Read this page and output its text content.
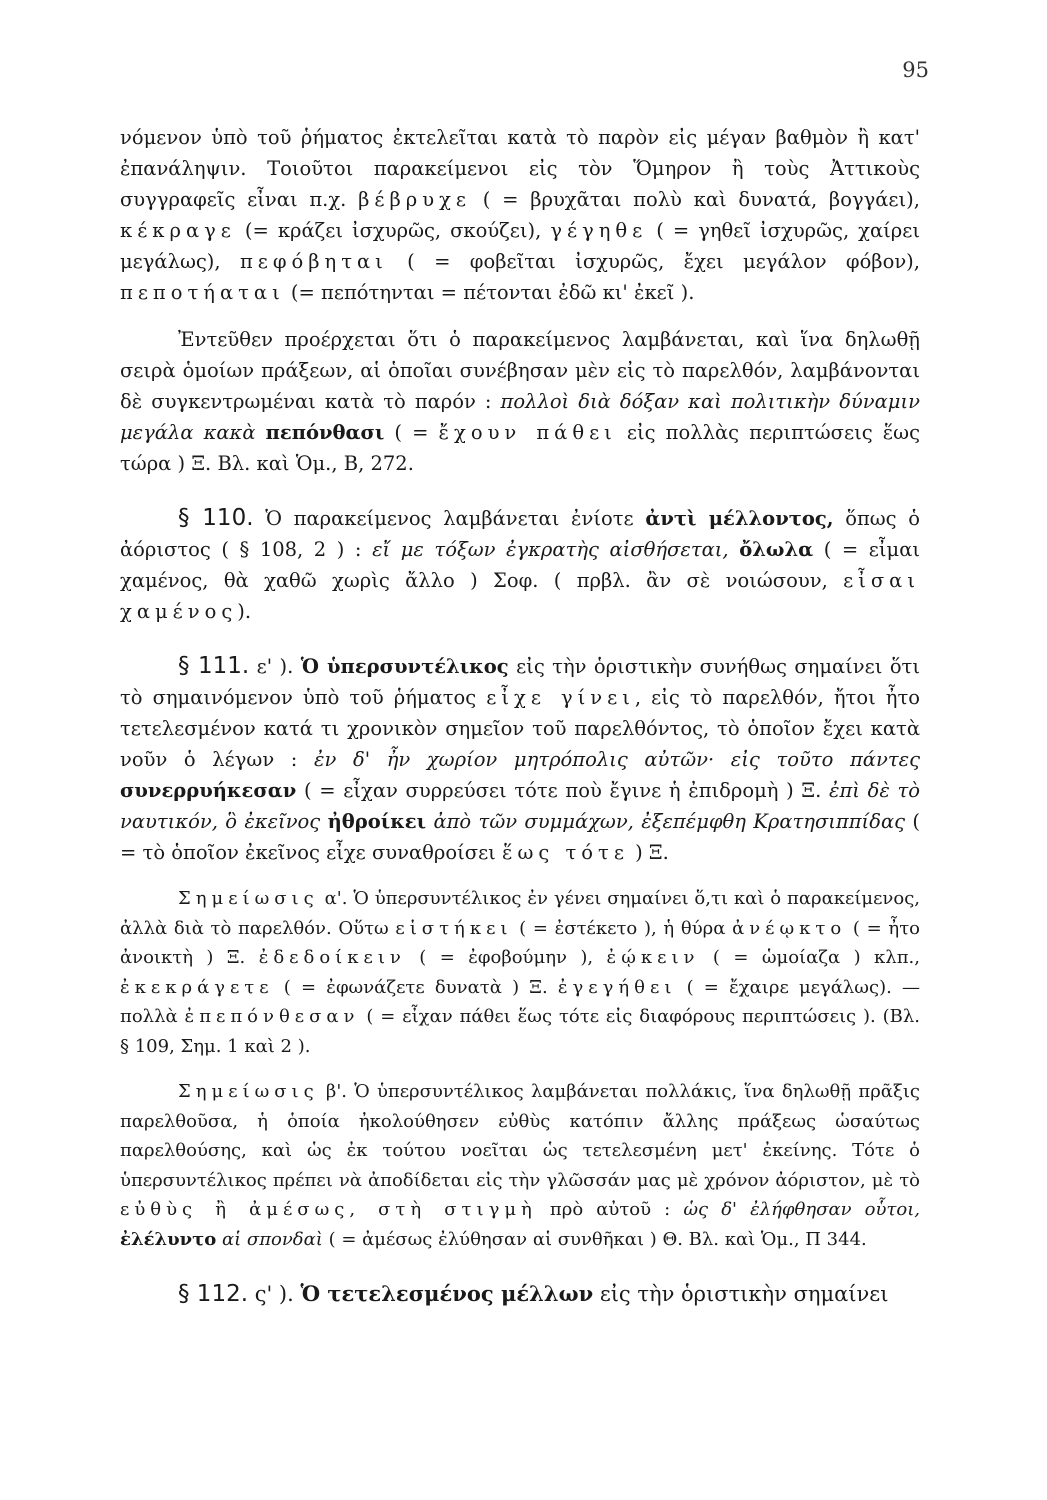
95

νόμενον ὑπὸ τοῦ ῥήματος ἐκτελεῖται κατὰ τὸ παρὸν εἰς μέγαν βαθμὸν ἢ κατ' ἐπανάληψιν. Τοιοῦτοι παρακείμενοι εἰς τὸν Ὅμηρον ἢ τοὺς Ἀττικοὺς συγγραφεῖς εἶναι π.χ. βέβρυχε ( = βρυχᾶται πολὺ καὶ δυνατά, βογγάει), κέκραγε (= κράζει ἰσχυρῶς, σκούζει), γέγηθε ( = γηθεῖ ἰσχυρῶς, χαίρει μεγάλως), πεφόβηται ( = φοβεῖται ἰσχυρῶς, ἔχει μεγάλον φόβον), πεποτήαται (= πεπότηνται = πέτονται ἐδῶ κι' ἐκεῖ ).

Ἐντεῦθεν προέρχεται ὅτι ὁ παρακείμενος λαμβάνεται, καὶ ἵνα δηλωθῇ σειρὰ ὁμοίων πράξεων, αἱ ὁποῖαι συνέβησαν μὲν εἰς τὸ παρελθόν, λαμβάνονται δὲ συγκεντρωμέναι κατὰ τὸ παρόν : πολλοὶ διὰ δόξαν καὶ πολιτικὴν δύναμιν μεγάλα κακὰ πεπόνθασι ( = ἔχουν πάθει εἰς πολλὰς περιπτώσεις ἕως τώρα ) Ξ. Βλ. καὶ Ὁμ., Β, 272.

§ 110. Ὁ παρακείμενος λαμβάνεται ἐνίοτε ἀντὶ μέλλοντος, ὅπως ὁ ἀόριστος ( § 108, 2 ) : εἴ με τόξων ἐγκρατὴς αἰσθήσεται, ὄλωλα ( = εἶμαι χαμένος, θὰ χαθῶ χωρὶς ἄλλο ) Σοφ. ( πρβλ. ἂν σὲ νοιώσουν, εἶσαι χαμένος).

§ 111. ε' ). Ὁ ὑπερσυντέλικος εἰς τὴν ὁριστικὴν συνήθως σημαίνει ὅτι τὸ σημαινόμενον ὑπὸ τοῦ ῥήματος εἶχε γίνει, εἰς τὸ παρελθόν, ἤτοι ἦτο τετελεσμένον κατά τι χρονικὸν σημεῖον τοῦ παρελθόντος, τὸ ὁποῖον ἔχει κατὰ νοῦν ὁ λέγων : ἐν δ' ἦν χωρίον μητρόπολις αὐτῶν· εἰς τοῦτο πάντες συνερρυήκεσαν ( = εἶχαν συρρεύσει τότε ποὺ ἔγινε ἡ ἐπιδρομὴ ) Ξ. ἐπὶ δὲ τὸ ναυτικόν, ὃ ἐκεῖνος ἠθροίκει ἀπὸ τῶν συμμάχων, ἐξεπέμφθη Κρατησιππίδας ( = τὸ ὁποῖον ἐκεῖνος εἶχε συναθροίσει ἕως τότε ) Ξ.

Σημείωσις α'. Ὁ ὑπερσυντέλικος ἐν γένει σημαίνει ὅ,τι καὶ ὁ παρακείμενος, ἀλλὰ διὰ τὸ παρελθόν. Οὕτω εἱστήκει ( = ἐστέκετο ), ἡ θύρα ἀνέῳκτο ( = ἦτο ἀνοικτὴ ) Ξ. ἐδεδοίκειν ( = ἐφοβούμην ), ἐῴκειν ( = ὡμοίαζα ) κλπ., ἐκεκράγετε ( = ἐφωνάζετε δυνατὰ ) Ξ. ἐγεγήθει ( = ἔχαιρε μεγάλως). — πολλὰ ἐπεπόνθεσαν ( = εἶχαν πάθει ἕως τότε εἰς διαφόρους περιπτώσεις ). (Βλ. § 109, Σημ. 1 καὶ 2 ).

Σημείωσις β'. Ὁ ὑπερσυντέλικος λαμβάνεται πολλάκις, ἵνα δηλωθῇ πρᾶξις παρελθοῦσα, ἡ ὁποία ἠκολούθησεν εὐθὺς κατόπιν ἄλλης πράξεως ὡσαύτως παρελθούσης, καὶ ὡς ἐκ τούτου νοεῖται ὡς τετελεσμένη μετ' ἐκείνης. Τότε ὁ ὑπερσυντέλικος πρέπει νὰ ἀποδίδεται εἰς τὴν γλῶσσάν μας μὲ χρόνον ἀόριστον, μὲ τὸ εὐθὺς ἢ ἀμέσως, στὴ στιγμὴ πρὸ αὐτοῦ : ὡς δ' ἐλήφθησαν οὗτοι, ἐλέλυντο αἱ σπονδαὶ ( = ἀμέσως ἐλύθησαν αἱ συνθῆκαι ) Θ. Βλ. καὶ Ὁμ., Π 344.

§ 112. ς' ). Ὁ τετελεσμένος μέλλων εἰς τὴν ὁριστικὴν σημαίνει
